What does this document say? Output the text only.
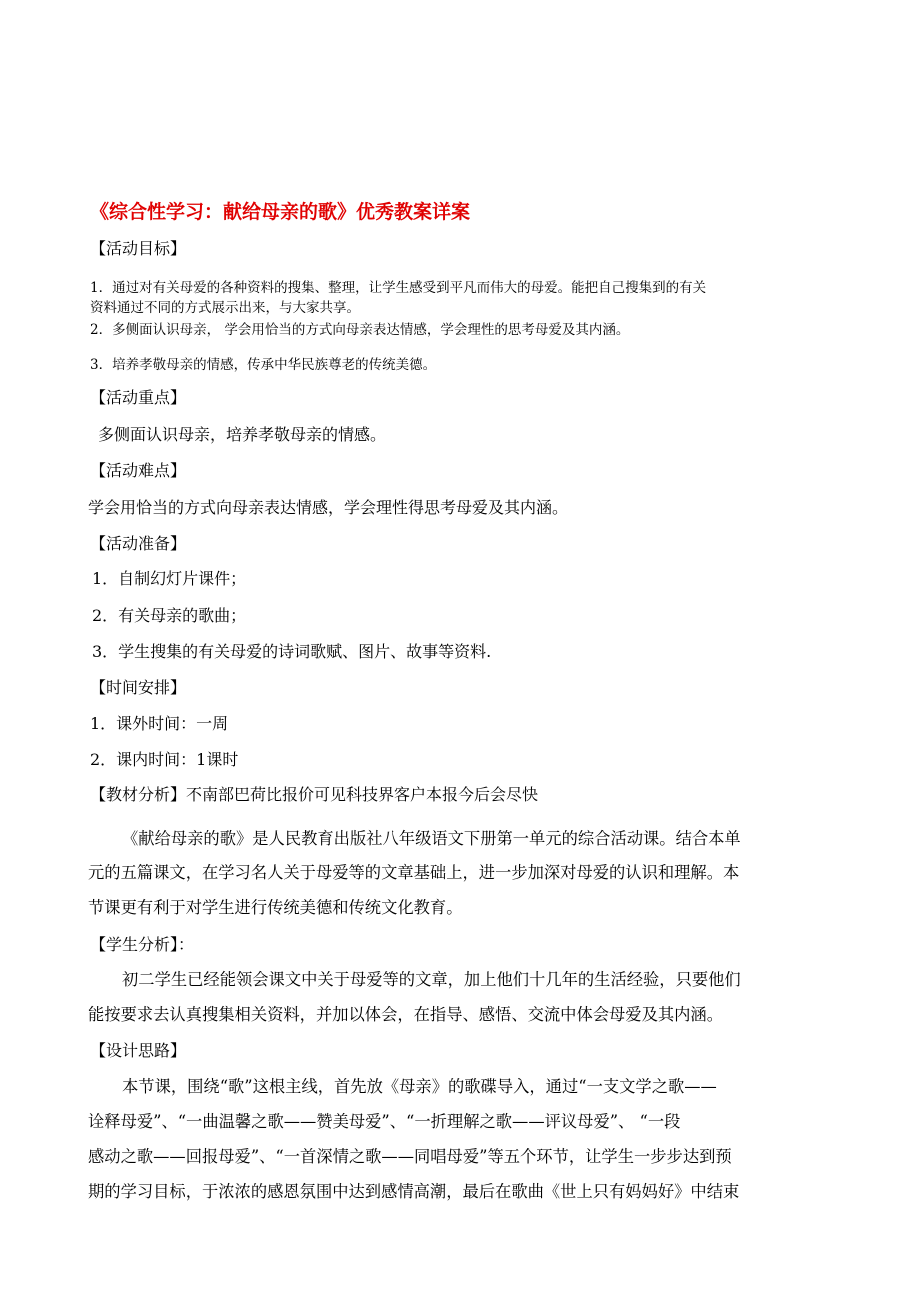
《综合性学习：献给母亲的歌》优秀教案详案
【活动目标】
1．通过对有关母爱的各种资料的搜集、整理，让学生感受到平凡而伟大的母爱。能把自己搜集到的有关
资料通过不同的方式展示出来，与大家共享。
2．多侧面认识母亲， 学会用恰当的方式向母亲表达情感，学会理性的思考母爱及其内涵。
3．培养孝敬母亲的情感，传承中华民族尊老的传统美德。
【活动重点】
多侧面认识母亲，培养孝敬母亲的情感。
【活动难点】
学会用恰当的方式向母亲表达情感，学会理性得思考母爱及其内涵。
【活动准备】
1．自制幻灯片课件；
2．有关母亲的歌曲；
3．学生搜集的有关母爱的诗词歌赋、图片、故事等资料.
【时间安排】
1．课外时间：一周
2．课内时间：1课时
【教材分析】不南部巴荷比报价可见科技界客户本报今后会尽快
《献给母亲的歌》是人民教育出版社八年级语文下册第一单元的综合活动课。结合本单
元的五篇课文，在学习名人关于母爱等的文章基础上，进一步加深对母爱的认识和理解。本
节课更有利于对学生进行传统美德和传统文化教育。
【学生分析】：
初二学生已经能领会课文中关于母爱等的文章，加上他们十几年的生活经验，只要他们
能按要求去认真搜集相关资料，并加以体会，在指导、感悟、交流中体会母爱及其内涵。
【设计思路】
本节课，围绕“歌”这根主线，首先放《母亲》的歌碟导入，通过“一支文学之歌——
诠释母爱”、“一曲温馨之歌——赞美母爱”、“一折理解之歌——评议母爱”、 “一段
感动之歌——回报母爱”、“一首深情之歌——同唱母爱”等五个环节，让学生一步步达到预
期的学习目标，于浓浓的感恩氛围中达到感情高潮，最后在歌曲《世上只有妈妈好》中结束
